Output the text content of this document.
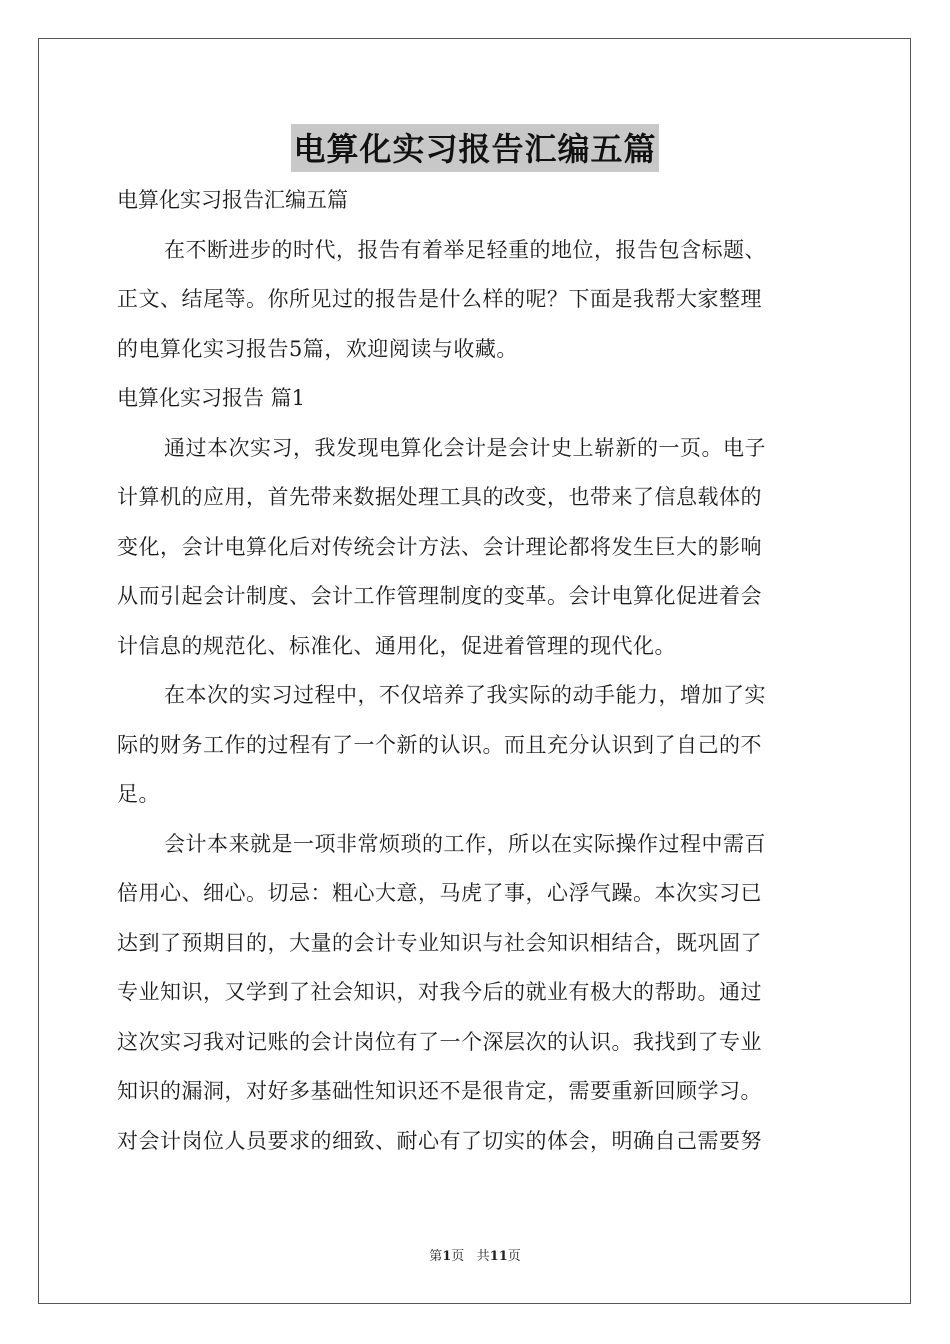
电算化实习报告汇编五篇
电算化实习报告汇编五篇
在不断进步的时代，报告有着举足轻重的地位，报告包含标题、
正文、结尾等。你所见过的报告是什么样的呢？下面是我帮大家整理
的电算化实习报告5篇，欢迎阅读与收藏。
电算化实习报告 篇1
通过本次实习，我发现电算化会计是会计史上崭新的一页。电子
计算机的应用，首先带来数据处理工具的改变，也带来了信息载体的
变化，会计电算化后对传统会计方法、会计理论都将发生巨大的影响
从而引起会计制度、会计工作管理制度的变革。会计电算化促进着会
计信息的规范化、标准化、通用化，促进着管理的现代化。
在本次的实习过程中，不仅培养了我实际的动手能力，增加了实
际的财务工作的过程有了一个新的认识。而且充分认识到了自己的不
足。
会计本来就是一项非常烦琐的工作，所以在实际操作过程中需百
倍用心、细心。切忌：粗心大意，马虎了事，心浮气躁。本次实习已
达到了预期目的，大量的会计专业知识与社会知识相结合，既巩固了
专业知识，又学到了社会知识，对我今后的就业有极大的帮助。通过
这次实习我对记账的会计岗位有了一个深层次的认识。我找到了专业
知识的漏洞，对好多基础性知识还不是很肯定，需要重新回顾学习。
对会计岗位人员要求的细致、耐心有了切实的体会，明确自己需要努
第1页 共11页
